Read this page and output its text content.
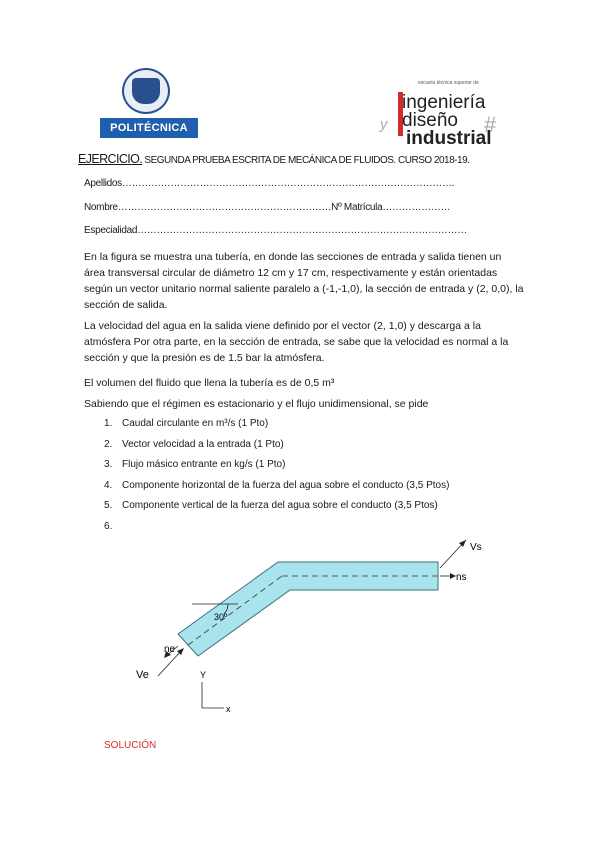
POLITÉCNICA
escuela técnica superior de
ingeniería
y diseño
industrial
#
EJERCICIO. SEGUNDA PRUEBA ESCRITA DE MECÁNICA DE FLUIDOS. CURSO 2018-19.
Apellidos………………………………………………………………………………………….
Nombre…………………………………………………………Nº Matrícula…………………
Especialidad…………………………………………………………………………………………
En la figura se muestra una tubería, en donde las secciones de entrada y salida tienen un área transversal circular de diámetro 12 cm y 17 cm, respectivamente y están orientadas según un vector unitario normal saliente paralelo a (-1,-1,0), la sección de entrada y (2, 0,0), la sección de salida.
La velocidad del agua en la salida viene definido por el vector (2, 1,0) y descarga a la atmósfera Por otra parte, en la sección de entrada, se sabe que la velocidad es normal a la sección y que la presión es de 1.5 bar la atmósfera.
El volumen del fluido que llena la tubería es de 0,5 m³
Sabiendo que el régimen es estacionario y el flujo unidimensional, se pide
1. Caudal circulante en m³/s (1 Pto)
2. Vector velocidad a la entrada (1 Pto)
3. Flujo másico entrante en kg/s (1 Pto)
4. Componente horizontal de la fuerza del agua sobre el conducto (3,5 Ptos)
5. Componente vertical de la fuerza del agua sobre el conducto (3,5 Ptos)
6.
30º
Vs
ns
ne
Ve	Y
x
SOLUCIÓN
